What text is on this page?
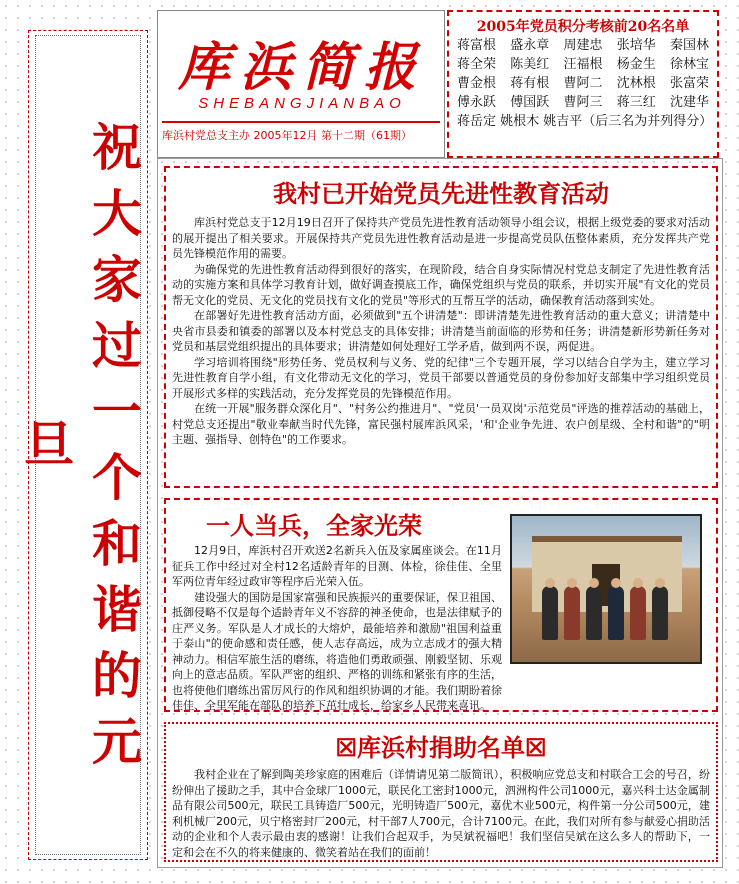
祝大家过一个和谐的元旦
库浜简报
SHEBANGJIANBAO
库浜村党总支主办 2005年12月 第十二期（61期）
2005年党员积分考核前20名名单
蒋富根 盛永章 周建忠 张培华 秦国林
蒋全荣 陈美红 汪福根 杨金生 徐林宝
曹金根 蒋有根 曹阿二 沈林根 张富荣
傅永跃 傅国跃 曹阿三 蒋三红 沈建华
蒋岳定 姚根木 姚吉平（后三名为并列得分）
我村已开始党员先进性教育活动

库浜村党总支于12月19日召开了保持共产党员先进性教育活动领导小组会议，根据上级党委的要求对活动的展开提出了相关要求。开展保持共产党员先进性教育活动是进一步提高党员队伍整体素质，充分发挥共产党员先锋模范作用的需要。

为确保党的先进性教育活动得到很好的落实，在现阶段，结合自身实际情况村党总支制定了先进性教育活动的实施方案和具体学习教育计划，做好调查摸底工作，确保党组织与党员的联系，并切实开展"有文化的党员帮无文化的党员、无文化的党员找有文化的党员"等形式的互帮互学的活动，确保教育活动落到实处。

在部署好先进性教育活动方面，必须做到"五个讲清楚"：即讲清楚先进性教育活动的重大意义；讲清楚中央省市县委和镇委的部署以及本村党总支的具体安排；讲清楚当前面临的形势和任务；讲清楚新形势新任务对党员和基层党组织提出的具体要求；讲清楚如何处理好工学矛盾，做到两不误，两促进。

学习培训将围绕"形势任务、党员权利与义务、党的纪律"三个专题开展，学习以结合自学为主，建立学习先进性教育自学小组，有文化带动无文化的学习，党员干部要以普通党员的身份参加好支部集中学习组织党员开展形式多样的实践活动，充分发挥党员的先锋模范作用。

在统一开展"服务群众深化月"、"村务公约推进月"、"党员'一员双岗'示范党员"评选的推荐活动的基础上，村党总支还提出"敬业奉献当时代先锋，富民强村展库浜风采，'和'企业争先进、农户创星级、全村和谐"的"明主题、强指导、创特色"的工作要求。

一人当兵，全家光荣

12月9日，库浜村召开欢送2名新兵入伍及家属座谈会。在11月征兵工作中经过对全村12名适龄青年的目测、体检，徐佳佳、全里军两位青年经过政审等程序后光荣入伍。

建设强大的国防是国家富强和民族振兴的重要保证，保卫祖国、抵御侵略不仅是每个适龄青年义不容辞的神圣使命，也是法律赋予的庄严义务。军队是人才成长的大熔炉，最能培养和激励"祖国利益重于泰山"的使命感和责任感，使人志存高远，成为立志成才的强大精神动力。相信军旅生活的磨练，将造他们勇敢顽强、刚毅坚韧、乐观向上的意志品质。军队严密的组织、严格的训练和紧张有序的生活，也将使他们磨练出雷厉风行的作风和组织协调的才能。我们期盼着徐佳佳、全里军能在部队的培养下茁壮成长，给家乡人民带来喜讯。

☒库浜村捐助名单☒

我村企业在了解到陶美珍家庭的困难后（详情请见第二版简讯），积极响应党总支和村联合工会的号召，纷纷伸出了援助之手，其中合金球厂1000元，联民化工密封1000元，泗洲构件公司1000元，嘉兴科士达金属制品有限公司500元，联民工具铸造厂500元，光明铸造厂500元，嘉优木业500元，构件第一分公司500元，建利机械厂200元，贝宁格密封厂200元，村干部7人700元，合计7100元。在此，我们对所有参与献爱心捐助活动的企业和个人表示最由衷的感谢！让我们合起双手，为吴斌祝福吧！我们坚信吴斌在这么多人的帮助下，一定和会在不久的将来健康的、微笑着站在我们的面前！
